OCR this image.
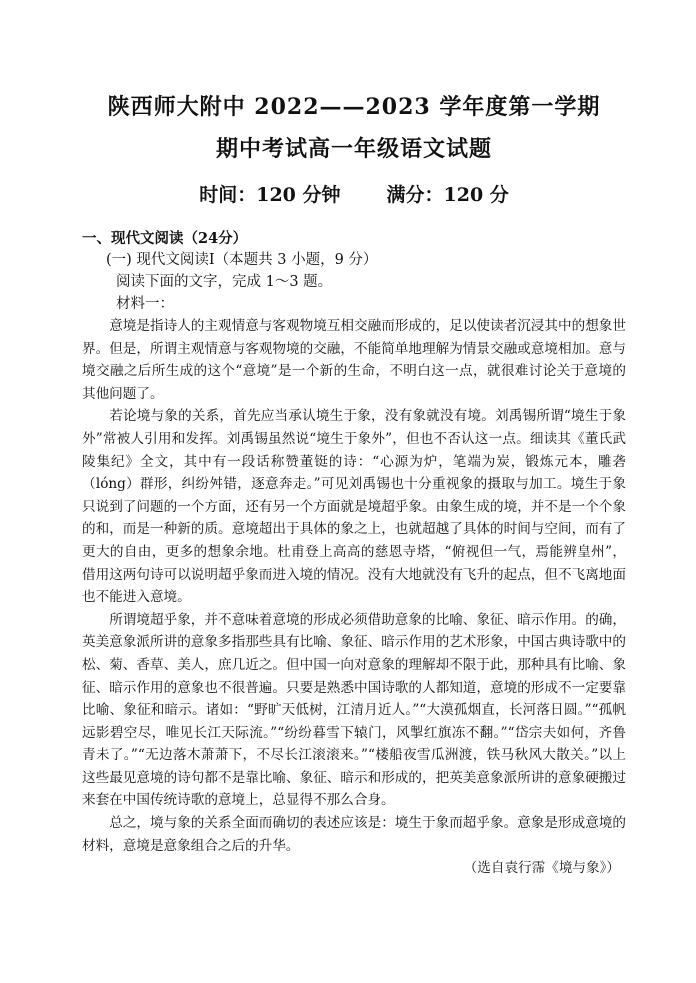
陕西师大附中 2022——2023 学年度第一学期
期中考试高一年级语文试题
时间：120 分钟 满分：120 分
一、现代文阅读（24分）
(一) 现代文阅读Ⅰ（本题共 3 小题，9 分）
阅读下面的文字，完成 1～3 题。
材料一：

意境是指诗人的主观情意与客观物境互相交融而形成的，足以使读者沉浸其中的想象世界。但是，所谓主观情意与客观物境的交融，不能简单地理解为情景交融或意境相加。意与境交融之后所生成的这个“意境”是一个新的生命，不明白这一点，就很难讨论关于意境的其他问题了。

若论境与象的关系，首先应当承认境生于象，没有象就没有境。刘禹锡所谓“境生于象外”常被人引用和发挥。刘禹锡虽然说“境生于象外”，但也不否认这一点。细读其《董氏武陵集纪》全文，其中有一段话称赞董铤的诗：“心源为炉，笔端为炭，锻炼元本，雕砻（lóng）群形，纠纷舛错，逐意奔走。”可见刘禹锡也十分重视象的摄取与加工。境生于象只说到了问题的一个方面，还有另一个方面就是境超乎象。由象生成的境，并不是一个个象的和，而是一种新的质。意境超出于具体的象之上，也就超越了具体的时间与空间，而有了更大的自由，更多的想象余地。杜甫登上高高的慈恩寺塔，“俯视但一气，焉能辨皇州”，借用这两句诗可以说明超乎象而进入境的情况。没有大地就没有飞升的起点，但不飞离地面也不能进入意境。

所谓境超乎象，并不意味着意境的形成必须借助意象的比喻、象征、暗示作用。的确，英美意象派所讲的意象多指那些具有比喻、象征、暗示作用的艺术形象，中国古典诗歌中的松、菊、香草、美人，庶几近之。但中国一向对意象的理解却不限于此，那种具有比喻、象征、暗示作用的意象也不很普遍。只要是熟悉中国诗歌的人都知道，意境的形成不一定要靠比喻、象征和暗示。诸如：“野旷天低树，江清月近人。”“大漠孤烟直，长河落日圆。”“孤帆远影碧空尽，唯见长江天际流。”“纷纷暮雪下辕门，风掣红旗冻不翻。”“岱宗夫如何，齐鲁青未了。”“无边落木萧萧下，不尽长江滚滚来。”“楼船夜雪瓜洲渡，铁马秋风大散关。”以上这些最见意境的诗句都不是靠比喻、象征、暗示和形成的，把英美意象派所讲的意象硬搬过来套在中国传统诗歌的意境上，总显得不那么合身。

总之，境与象的关系全面而确切的表述应该是：境生于象而超乎象。意象是形成意境的材料，意境是意象组合之后的升华。

（选自袁行霈《境与象》）
